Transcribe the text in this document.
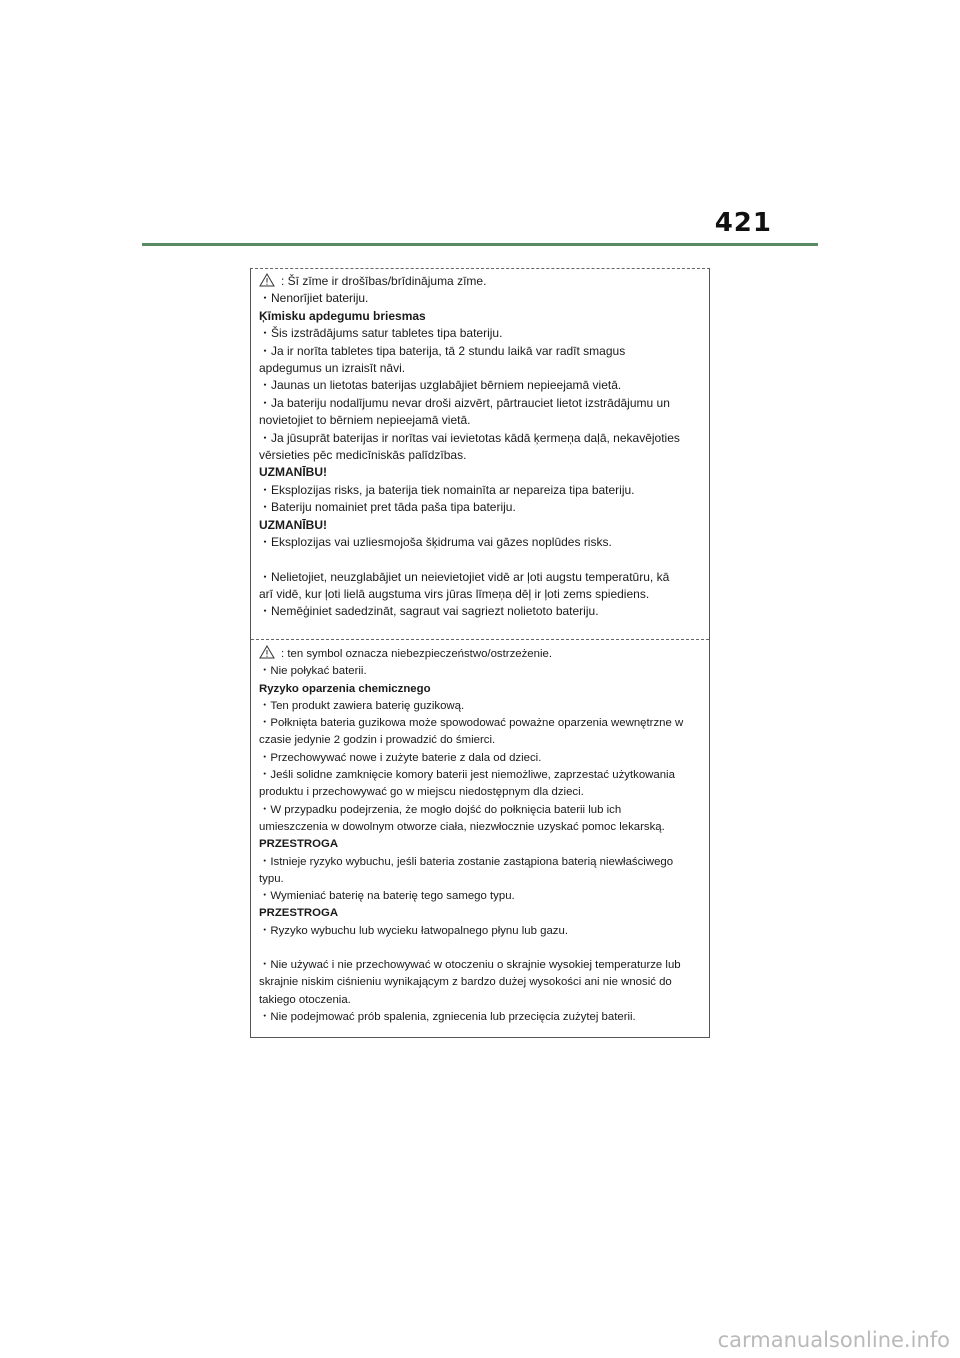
421
: Šī zīme ir drošības/brīdinājuma zīme.
・Nenorījiet bateriju.
Ķīmisku apdegumu briesmas
・Šis izstrādājums satur tabletes tipa bateriju.
・Ja ir norīta tabletes tipa baterija, tā 2 stundu laikā var radīt smagus
apdegumus un izraisīt nāvi.
・Jaunas un lietotas baterijas uzglabājiet bērniem nepieejamā vietā.
・Ja bateriju nodalījumu nevar droši aizvērt, pārtrauciet lietot izstrādājumu un
novietojiet to bērniem nepieejamā vietā.
・Ja jūsuprāt baterijas ir norītas vai ievietotas kādā ķermeņa daļā, nekavējoties
vērsieties pēc medicīniskās palīdzības.
UZMANĪBU!
・Eksplozijas risks, ja baterija tiek nomainīta ar nepareiza tipa bateriju.
・Bateriju nomainiet pret tāda paša tipa bateriju.
UZMANĪBU!
・Eksplozijas vai uzliesmojoša šķidruma vai gāzes noplūdes risks.
・Nelietojiet, neuzglabājiet un neievietojiet vidē ar ļoti augstu temperatūru, kā
arī vidē, kur ļoti lielā augstuma virs jūras līmeņa dēļ ir ļoti zems spiediens.
・Nemēģiniet sadedzināt, sagraut vai sagriezt nolietoto bateriju.
: ten symbol oznacza niebezpieczeństwo/ostrzeżenie.
・Nie połykać baterii.
Ryzyko oparzenia chemicznego
・Ten produkt zawiera baterię guzikową.
・Połknięta bateria guzikowa może spowodować poważne oparzenia wewnętrzne w
czasie jedynie 2 godzin i prowadzić do śmierci.
・Przechowywać nowe i zużyte baterie z dala od dzieci.
・Jeśli solidne zamknięcie komory baterii jest niemożliwe, zaprzestać użytkowania
produktu i przechowywać go w miejscu niedostępnym dla dzieci.
・W przypadku podejrzenia, że mogło dojść do połknięcia baterii lub ich
umieszczenia w dowolnym otworze ciała, niezwłocznie uzyskać pomoc lekarską.
PRZESTROGA
・Istnieje ryzyko wybuchu, jeśli bateria zostanie zastąpiona baterią niewłaściwego
typu.
・Wymieniać baterię na baterię tego samego typu.
PRZESTROGA
・Ryzyko wybuchu lub wycieku łatwopalnego płynu lub gazu.
・Nie używać i nie przechowywać w otoczeniu o skrajnie wysokiej temperaturze lub
skrajnie niskim ciśnieniu wynikającym z bardzo dużej wysokości ani nie wnosić do
takiego otoczenia.
・Nie podejmować prób spalenia, zgniecenia lub przecięcia zużytej baterii.
carmanualsonline.info
